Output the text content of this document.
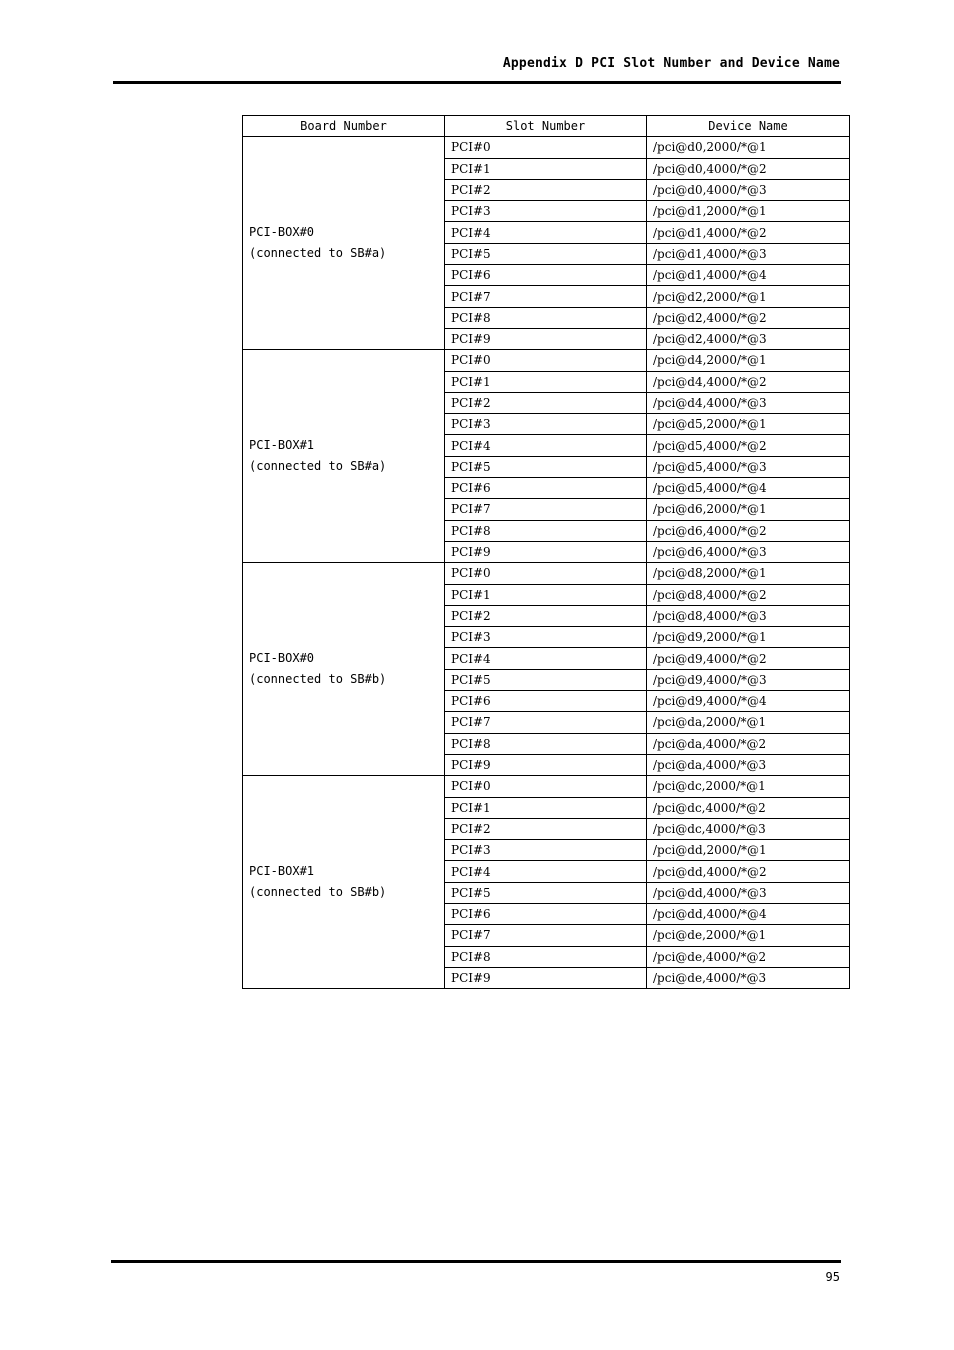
Appendix D PCI Slot Number and Device Name
Board Number	Slot Number	Device Name

PCI-BOX#0
(connected to SB#a)	PCI#0	/pci@d0,2000/*@1
	PCI#1	/pci@d0,4000/*@2
	PCI#2	/pci@d0,4000/*@3
	PCI#3	/pci@d1,2000/*@1
	PCI#4	/pci@d1,4000/*@2
	PCI#5	/pci@d1,4000/*@3
	PCI#6	/pci@d1,4000/*@4
	PCI#7	/pci@d2,2000/*@1
	PCI#8	/pci@d2,4000/*@2
	PCI#9	/pci@d2,4000/*@3

PCI-BOX#1
(connected to SB#a)	PCI#0	/pci@d4,2000/*@1
	PCI#1	/pci@d4,4000/*@2
	PCI#2	/pci@d4,4000/*@3
	PCI#3	/pci@d5,2000/*@1
	PCI#4	/pci@d5,4000/*@2
	PCI#5	/pci@d5,4000/*@3
	PCI#6	/pci@d5,4000/*@4
	PCI#7	/pci@d6,2000/*@1
	PCI#8	/pci@d6,4000/*@2
	PCI#9	/pci@d6,4000/*@3

PCI-BOX#0
(connected to SB#b)	PCI#0	/pci@d8,2000/*@1
	PCI#1	/pci@d8,4000/*@2
	PCI#2	/pci@d8,4000/*@3
	PCI#3	/pci@d9,2000/*@1
	PCI#4	/pci@d9,4000/*@2
	PCI#5	/pci@d9,4000/*@3
	PCI#6	/pci@d9,4000/*@4
	PCI#7	/pci@da,2000/*@1
	PCI#8	/pci@da,4000/*@2
	PCI#9	/pci@da,4000/*@3

PCI-BOX#1
(connected to SB#b)	PCI#0	/pci@dc,2000/*@1
	PCI#1	/pci@dc,4000/*@2
	PCI#2	/pci@dc,4000/*@3
	PCI#3	/pci@dd,2000/*@1
	PCI#4	/pci@dd,4000/*@2
	PCI#5	/pci@dd,4000/*@3
	PCI#6	/pci@dd,4000/*@4
	PCI#7	/pci@de,2000/*@1
	PCI#8	/pci@de,4000/*@2
	PCI#9	/pci@de,4000/*@3
95
